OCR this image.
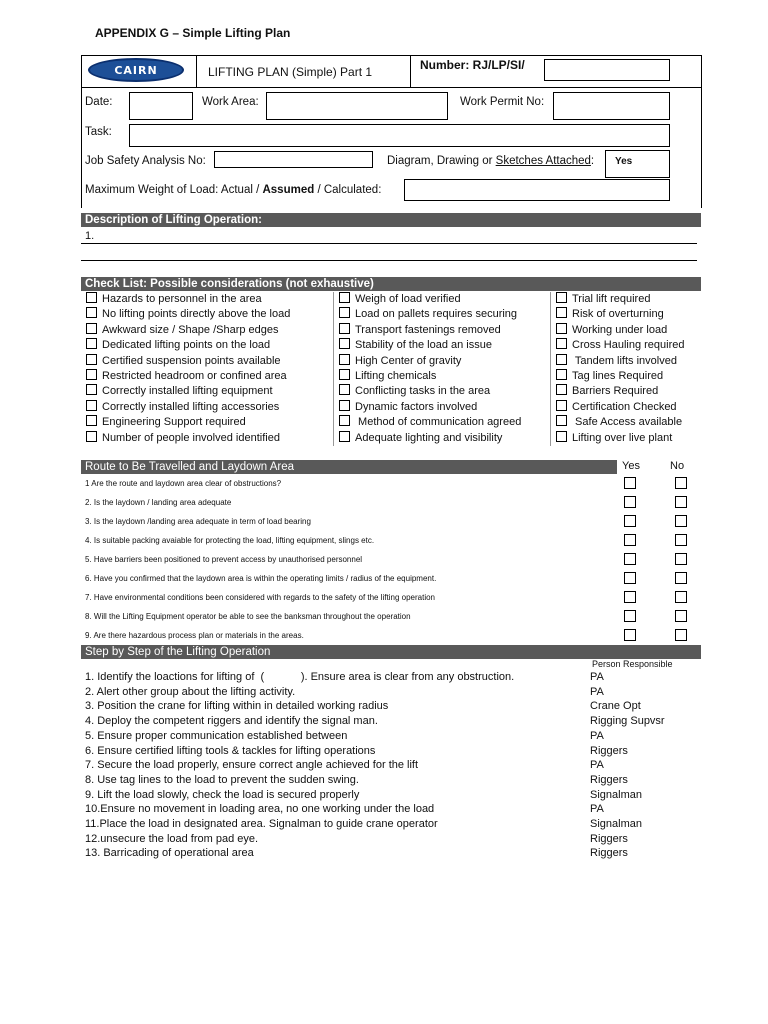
APPENDIX G – Simple Lifting Plan
CAIRN	LIFTING PLAN (Simple) Part 1	Number: RJ/LP/SI/
Date:	Work Area:	Work Permit No:
Task:
Job Safety Analysis No:	Diagram, Drawing or Sketches Attached: Yes
Maximum Weight of Load: Actual / Assumed / Calculated:
Description of Lifting Operation:
1.
Check List: Possible considerations (not exhaustive)
Hazards to personnel in the area
No lifting points directly above the load
Awkward size / Shape /Sharp edges
Dedicated lifting points on the load
Certified suspension points available
Restricted headroom or confined area
Correctly installed lifting equipment
Correctly installed lifting accessories
Engineering Support required
Number of people involved identified
Weigh of load verified
Load on pallets requires securing
Transport fastenings removed
Stability of the load an issue
High Center of gravity
Lifting chemicals
Conflicting tasks in the area
Dynamic factors involved
Method of communication agreed
Adequate lighting and visibility
Trial lift required
Risk of overturning
Working under load
Cross Hauling required
Tandem lifts involved
Tag lines Required
Barriers Required
Certification Checked
Safe Access available
Lifting over live plant
Route to Be Travelled and Laydown Area	Yes	No
1 Are the route and laydown area clear of obstructions?
2. Is the laydown / landing area adequate
3. Is the laydown /landing area adequate in term of load bearing
4. Is suitable packing avaiable for protecting the load, lifting equipment, slings etc.
5. Have barriers been positioned to prevent access by unauthorised personnel
6. Have you confirmed that the laydown area is within the operating limits / radius of the equipment.
7. Have environmental conditions been considered with regards to the safety of the lifting operation
8. Will the Lifting Equipment operator be able to see the banksman throughout the operation
9. Are there hazardous process plan or materials in the areas.
Step by Step of the Lifting Operation
Person Responsible
1. Identify the loactions for lifting of  (            ). Ensure area is clear from any obstruction.	PA
2. Alert other group about the lifting activity.	PA
3. Position the crane for lifting within in detailed working radius	Crane Opt
4. Deploy the competent riggers and identify the signal man.	Rigging Supvsr
5. Ensure proper communication established between	PA
6. Ensure certified lifting tools & tackles for lifting operations	Riggers
7. Secure the load properly, ensure correct angle achieved for the lift	PA
8. Use tag lines to the load to prevent the sudden swing.	Riggers
9. Lift the load slowly, check the load is secured properly	Signalman
10.Ensure no movement in loading area, no one working under the load	PA
11.Place the load in designated area. Signalman to guide crane operator	Signalman
12.unsecure the load from pad eye.	Riggers
13. Barricading of operational area	Riggers
